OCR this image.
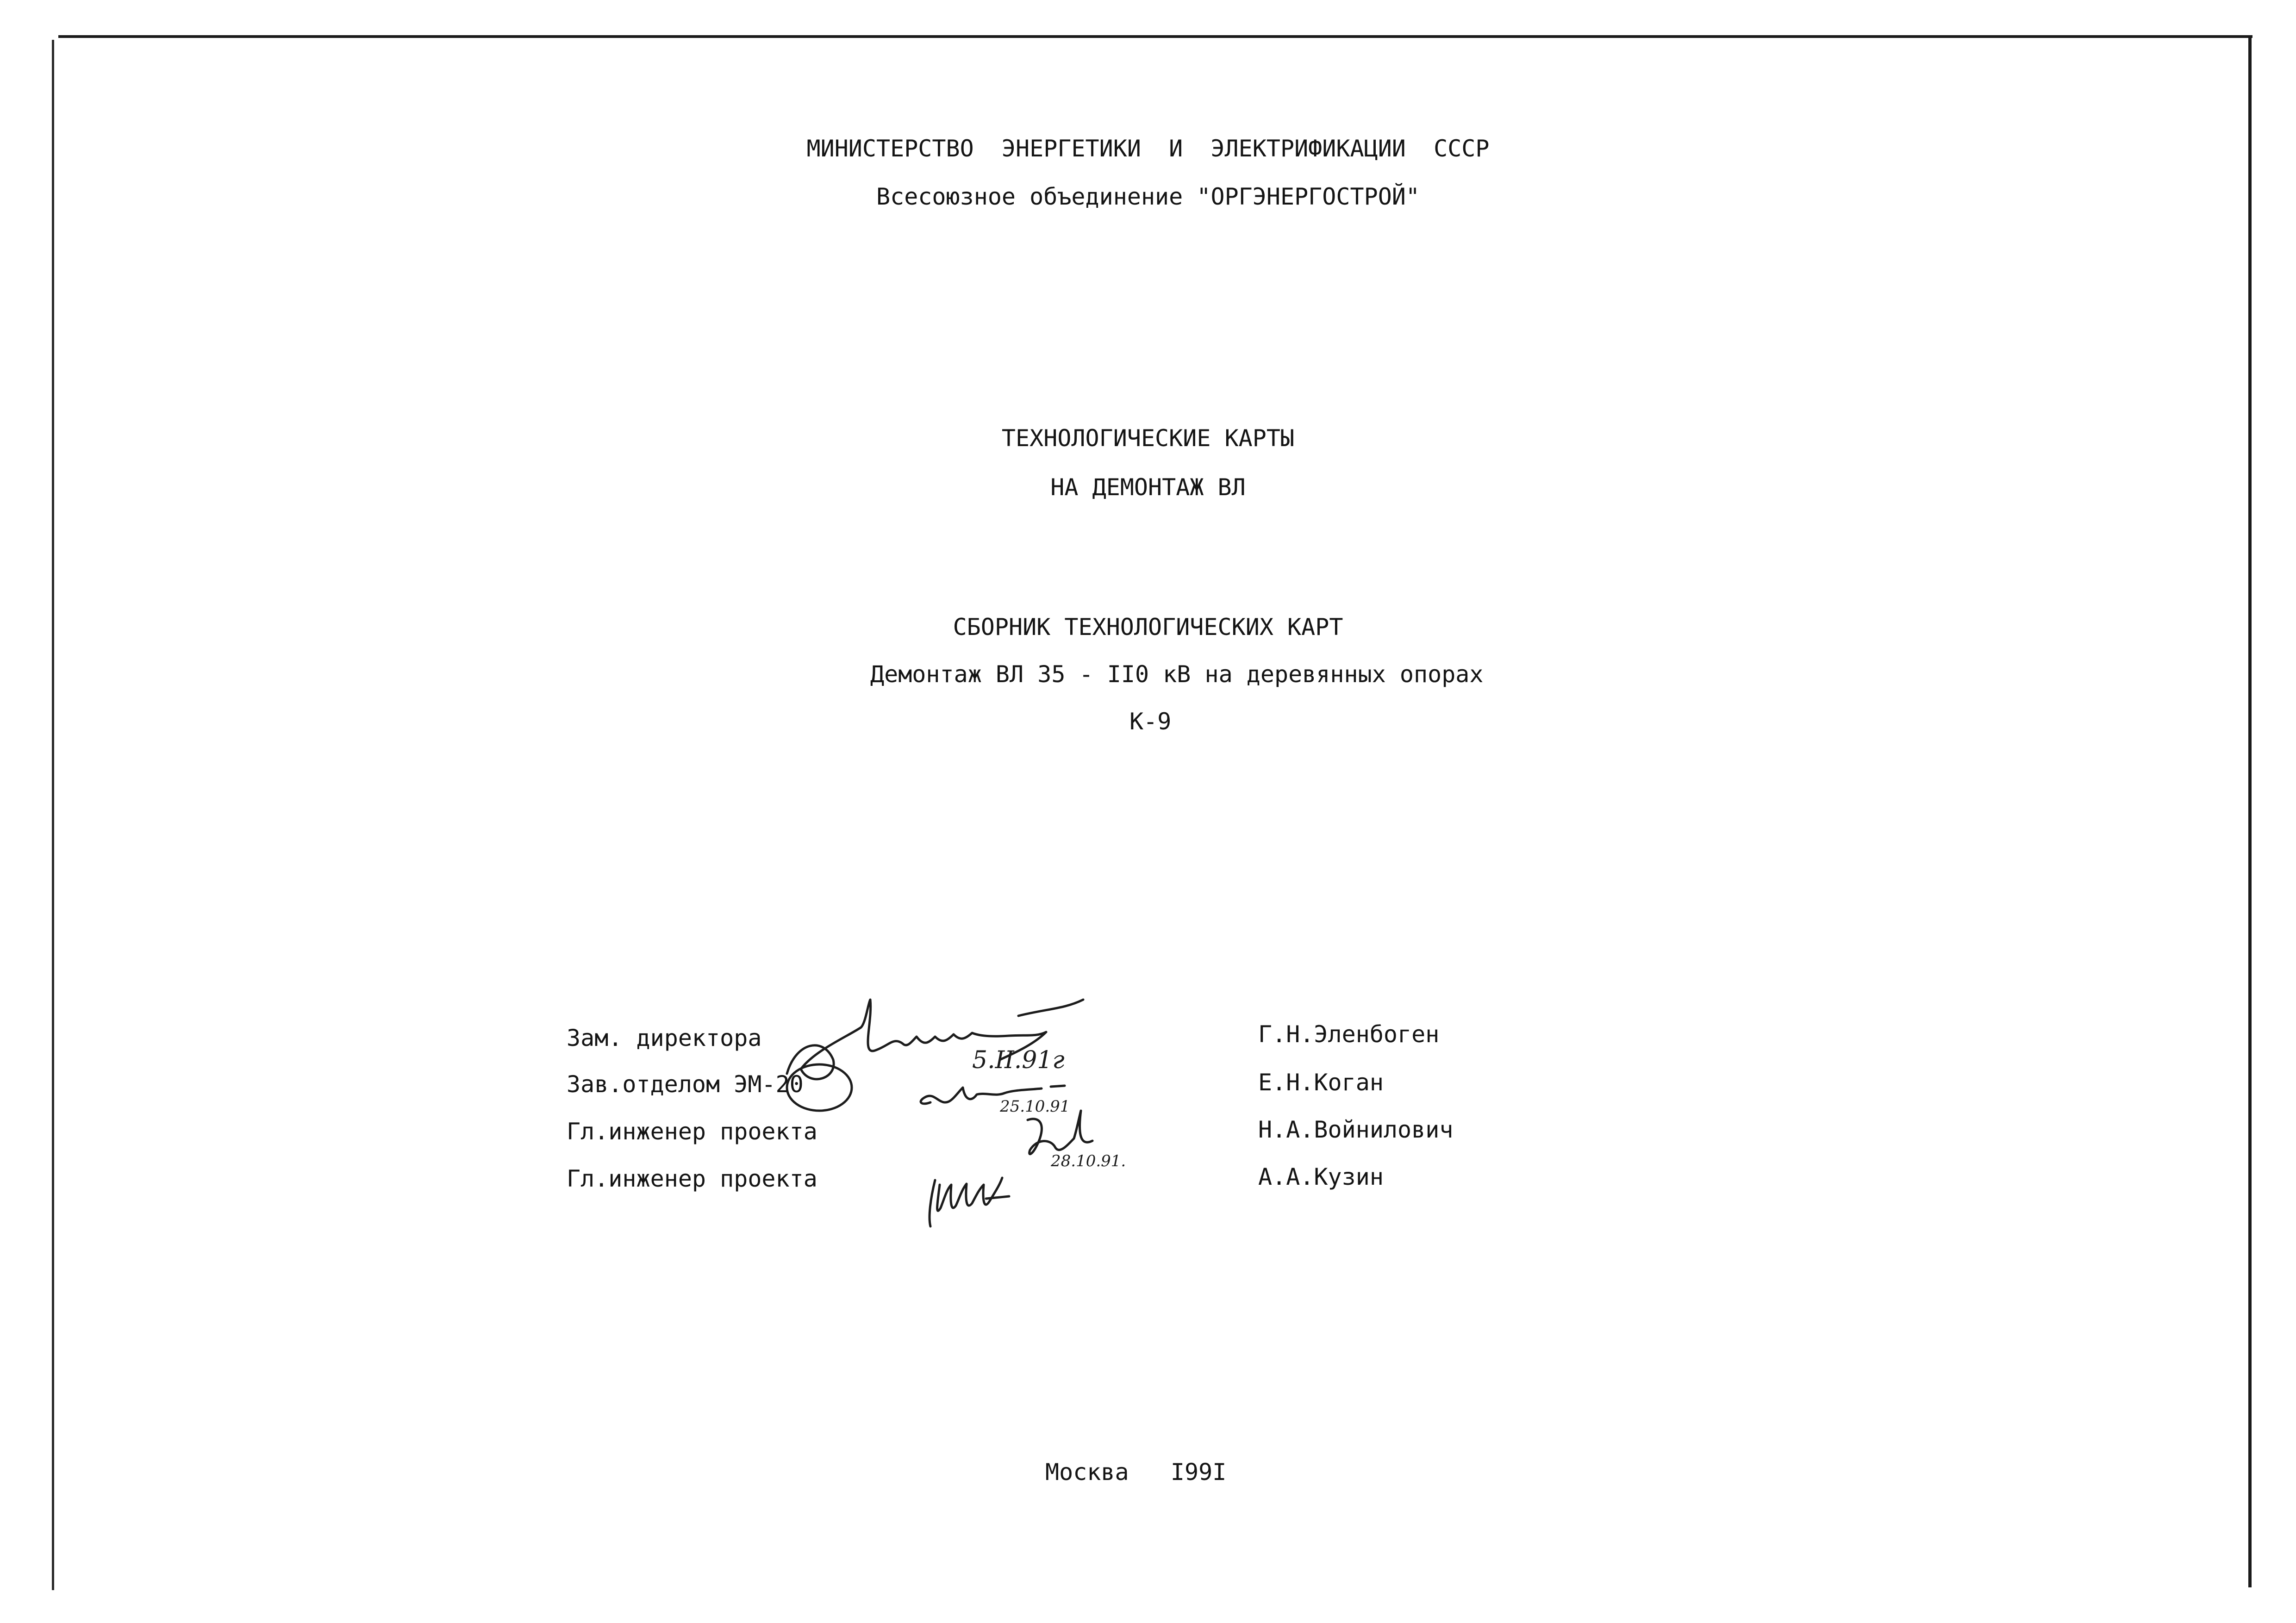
МИНИСТЕРСТВО  ЭНЕРГЕТИКИ  И  ЭЛЕКТРИФИКАЦИИ  СССР
Всесоюзное объединение "ОРГЭНЕРГОСТРОЙ"
ТЕХНОЛОГИЧЕСКИЕ КАРТЫ
НА ДЕМОНТАЖ ВЛ
СБОРНИК ТЕХНОЛОГИЧЕСКИХ КАРТ
Демонтаж ВЛ 35 - II0 кВ на деревянных опорах
К-9
Зам. директора
Зав.отделом ЭМ-20
Гл.инженер проекта
Гл.инженер проекта
Г.Н.Эленбоген
Е.Н.Коган
Н.А.Войнилович
А.А.Кузин
5.II.91г
25.10.91
28.10.91.
Москва   I99I
